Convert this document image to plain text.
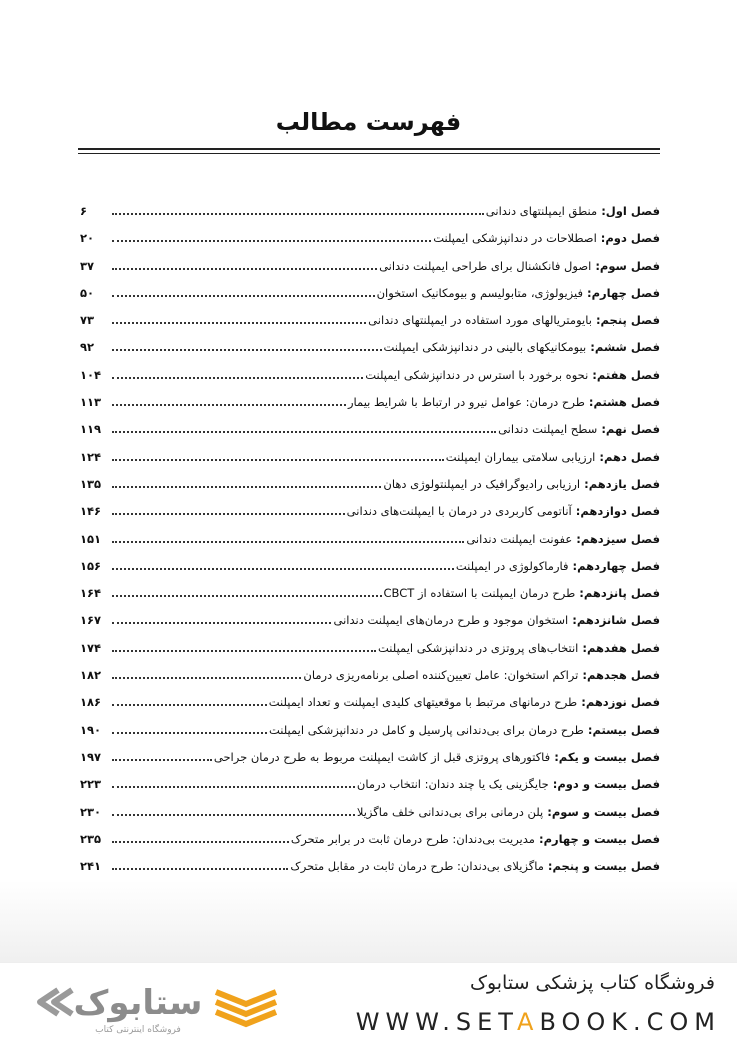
فهرست مطالب
فصل اول:

منطق ایمپلنتهای دندانی
۶
فصل دوم:

اصطلاحات در دندانپزشکی ایمپلنت
۲۰
فصل سوم:

اصول فانکشنال برای طراحی ایمپلنت دندانی
۳۷
فصل چهارم:

فیزیولوژی، متابولیسم و بیومکانیک استخوان
۵۰
فصل پنجم:

بایومتریالهای مورد استفاده در ایمپلنتهای دندانی
۷۳
فصل ششم:

بیومکانیکهای بالینی در دندانپزشکی ایمپلنت
۹۲
فصل هفتم:

نحوه برخورد با استرس در دندانپزشکی ایمپلنت
۱۰۴
فصل هشتم:

طرح درمان: عوامل نیرو در ارتباط با شرایط بیمار
۱۱۳
فصل نهم:

سطح ایمپلنت دندانی
۱۱۹
فصل دهم:

ارزیابی سلامتی بیماران ایمپلنت
۱۲۴
فصل یازدهم:

ارزیابی رادیوگرافیک در ایمپلنتولوژی دهان
۱۳۵
فصل دوازدهم:

آناتومی کاربردی در درمان با ایمپلنت‌های دندانی
۱۴۶
فصل سیزدهم:

عفونت ایمپلنت دندانی
۱۵۱
فصل چهاردهم:

فارماکولوژی در ایمپلنت
۱۵۶
فصل پانزدهم:

طرح درمان ایمپلنت با استفاده از CBCT
۱۶۴
فصل شانزدهم:

استخوان موجود و طرح درمان‌های ایمپلنت دندانی
۱۶۷
فصل هفدهم:

انتخاب‌های پروتزی در دندانپزشکی ایمپلنت
۱۷۴
فصل هجدهم:

تراکم استخوان: عامل تعیین‌کننده اصلی برنامه‌ریزی درمان
۱۸۲
فصل نوزدهم:

طرح درمانهای مرتبط با موقعیتهای کلیدی ایمپلنت و تعداد ایمپلنت
۱۸۶
فصل بیستم:

طرح درمان برای بی‌دندانی پارسیل و کامل در دندانپزشکی ایمپلنت
۱۹۰
فصل بیست و یکم:

فاکتورهای پروتزی قبل از کاشت ایمپلنت مربوط به طرح درمان جراحی
۱۹۷
فصل بیست و دوم:

جایگزینی یک یا چند دندان: انتخاب درمان
۲۲۳
فصل بیست و سوم:

پلن درمانی برای بی‌دندانی خلف ماگزیلا
۲۳۰
فصل بیست و چهارم:

مدیریت بی‌دندان: طرح درمان ثابت در برابر متحرک
۲۳۵
فصل بیست و پنجم:

ماگزیلای بی‌دندان: طرح درمان ثابت در مقابل متحرک
۲۴۱
ستابوک
فروشگاه اینترنتی کتاب
فروشگاه کتاب پزشکی ستابوک
WWW.SETABOOK.COM
